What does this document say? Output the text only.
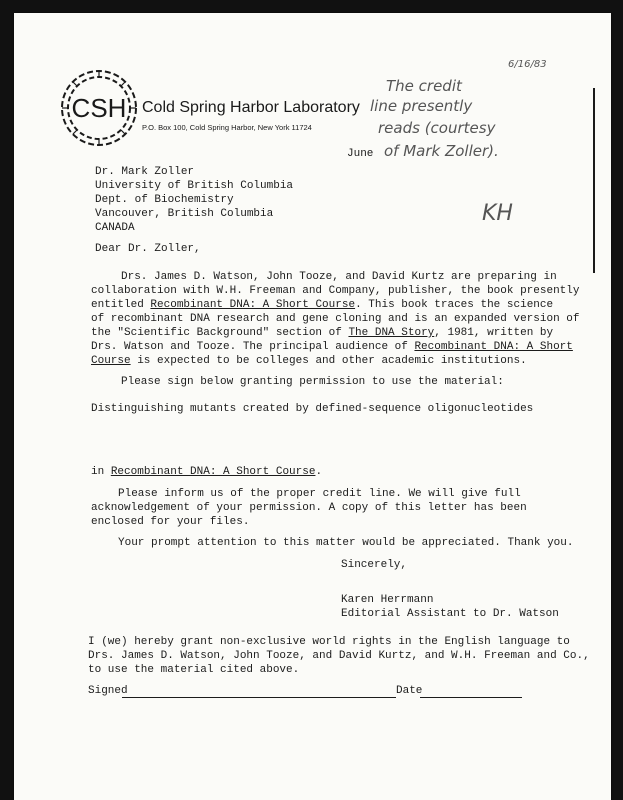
CSH Cold Spring Harbor Laboratory
P.O. Box 100, Cold Spring Harbor, New York 11724
6/16/83
The credit
line presently
reads (courtesy
of Mark Zoller).
KH
June
Dr. Mark Zoller
University of British Columbia
Dept. of Biochemistry
Vancouver, British Columbia
CANADA
Dear Dr. Zoller,
Drs. James D. Watson, John Tooze, and David Kurtz are preparing in
collaboration with W.H. Freeman and Company, publisher, the book presently
entitled Recombinant DNA: A Short Course. This book traces the science
of recombinant DNA research and gene cloning and is an expanded version of
the "Scientific Background" section of The DNA Story, 1981, written by
Drs. Watson and Tooze. The principal audience of Recombinant DNA: A Short
Course is expected to be colleges and other academic institutions.
Please sign below granting permission to use the material:
Distinguishing mutants created by defined-sequence oligonucleotides
in Recombinant DNA: A Short Course.
Please inform us of the proper credit line. We will give full
acknowledgement of your permission. A copy of this letter has been
enclosed for your files.
Your prompt attention to this matter would be appreciated. Thank you.
Sincerely,
Karen Herrmann
Editorial Assistant to Dr. Watson
I (we) hereby grant non-exclusive world rights in the English language to
Drs. James D. Watson, John Tooze, and David Kurtz, and W.H. Freeman and Co.,
to use the material cited above.
Signed	Date
